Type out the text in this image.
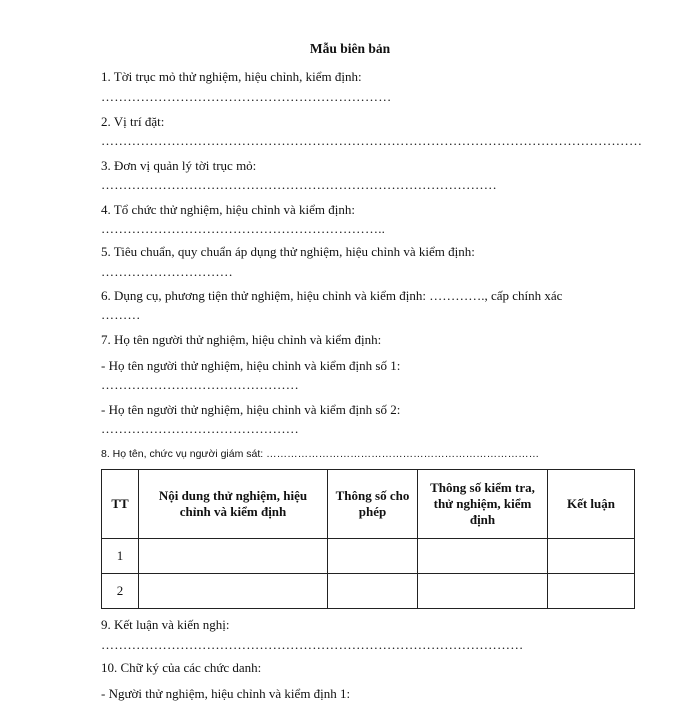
Mẫu biên bản
1. Tời trục mỏ thử nghiệm, hiệu chỉnh, kiểm định:
…………………………………………………………
2. Vị trí đặt:
……………………………………………………………………………………………………………
3. Đơn vị quản lý tời trục mỏ:
………………………………………………………………………………
4. Tổ chức thử nghiệm, hiệu chỉnh và kiểm định:
………………………………………………………..
5. Tiêu chuẩn, quy chuẩn áp dụng thử nghiệm, hiệu chỉnh và kiểm định:
…………………………
6. Dụng cụ, phương tiện thử nghiệm, hiệu chỉnh và kiểm định: …………., cấp chính xác
………
7. Họ tên người thử nghiệm, hiệu chỉnh và kiểm định:
- Họ tên người thử nghiệm, hiệu chỉnh và kiểm định số 1:
………………………………………
- Họ tên người thử nghiệm, hiệu chỉnh và kiểm định số 2:
………………………………………
8. Họ tên, chức vụ người giám sát: ……………………………………………………………………
TT	Nội dung thử nghiệm, hiệu chỉnh và kiểm định	Thông số cho phép	Thông số kiểm tra, thử nghiệm, kiểm định	Kết luận
1				
2				
9. Kết luận và kiến nghị:
……………………………………………………………………………………
10. Chữ ký của các chức danh:
- Người thử nghiệm, hiệu chỉnh và kiểm định 1:
